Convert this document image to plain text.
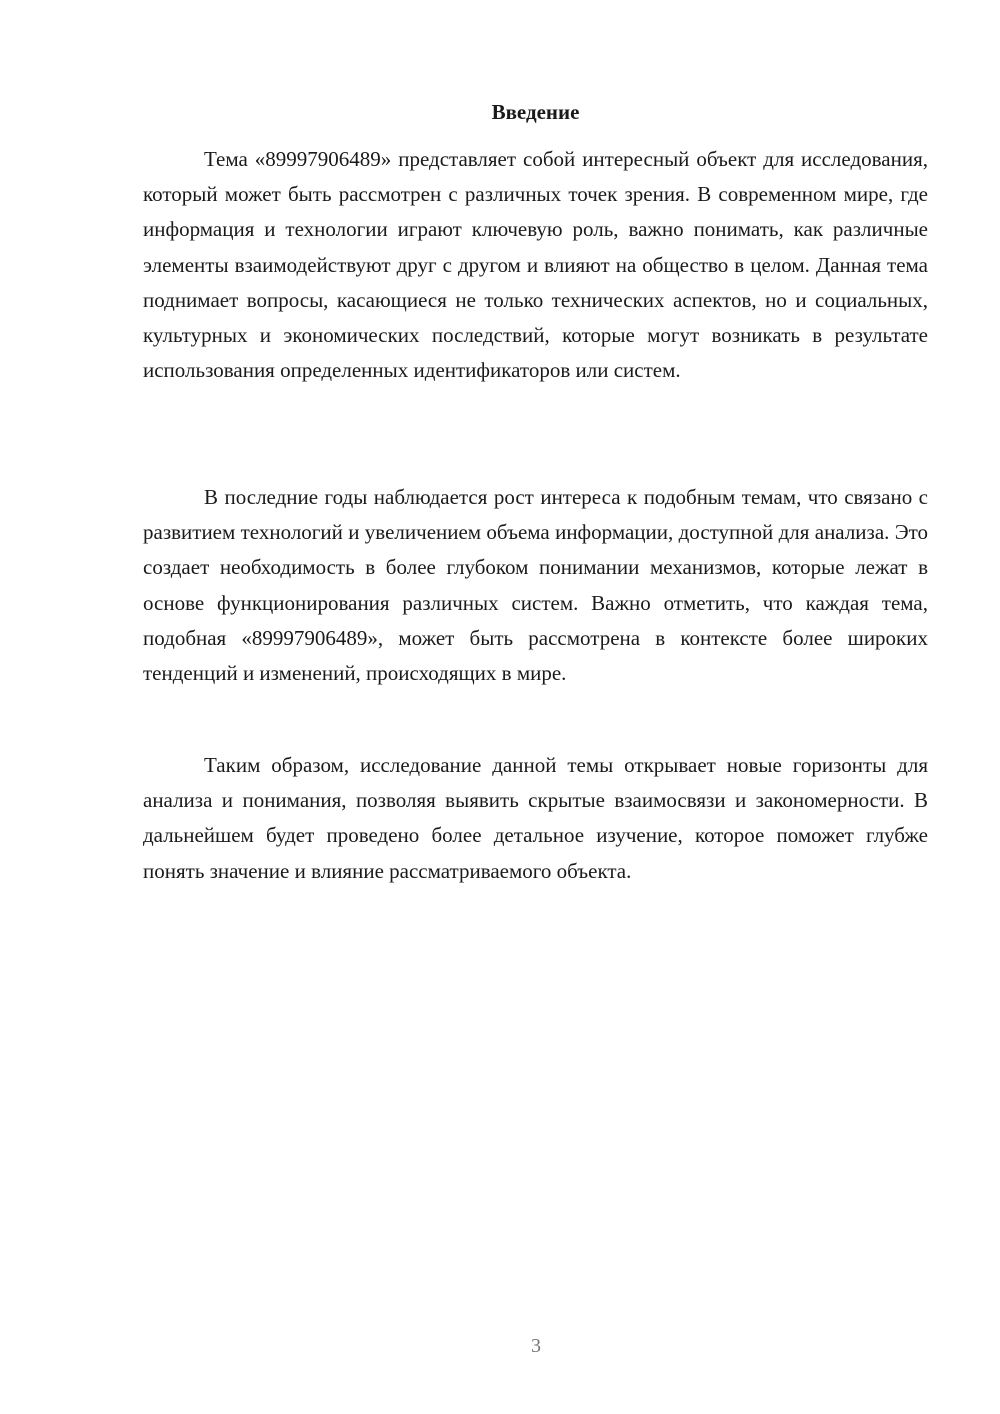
Введение

Тема «89997906489» представляет собой интересный объект для исследования, который может быть рассмотрен с различных точек зрения. В современном мире, где информация и технологии играют ключевую роль, важно понимать, как различные элементы взаимодействуют друг с другом и влияют на общество в целом. Данная тема поднимает вопросы, касающиеся не только технических аспектов, но и социальных, культурных и экономических последствий, которые могут возникать в результате использования определенных идентификаторов или систем.

В последние годы наблюдается рост интереса к подобным темам, что связано с развитием технологий и увеличением объема информации, доступной для анализа. Это создает необходимость в более глубоком понимании механизмов, которые лежат в основе функционирования различных систем. Важно отметить, что каждая тема, подобная «89997906489», может быть рассмотрена в контексте более широких тенденций и изменений, происходящих в мире.

Таким образом, исследование данной темы открывает новые горизонты для анализа и понимания, позволяя выявить скрытые взаимосвязи и закономерности. В дальнейшем будет проведено более детальное изучение, которое поможет глубже понять значение и влияние рассматриваемого объекта.

3
